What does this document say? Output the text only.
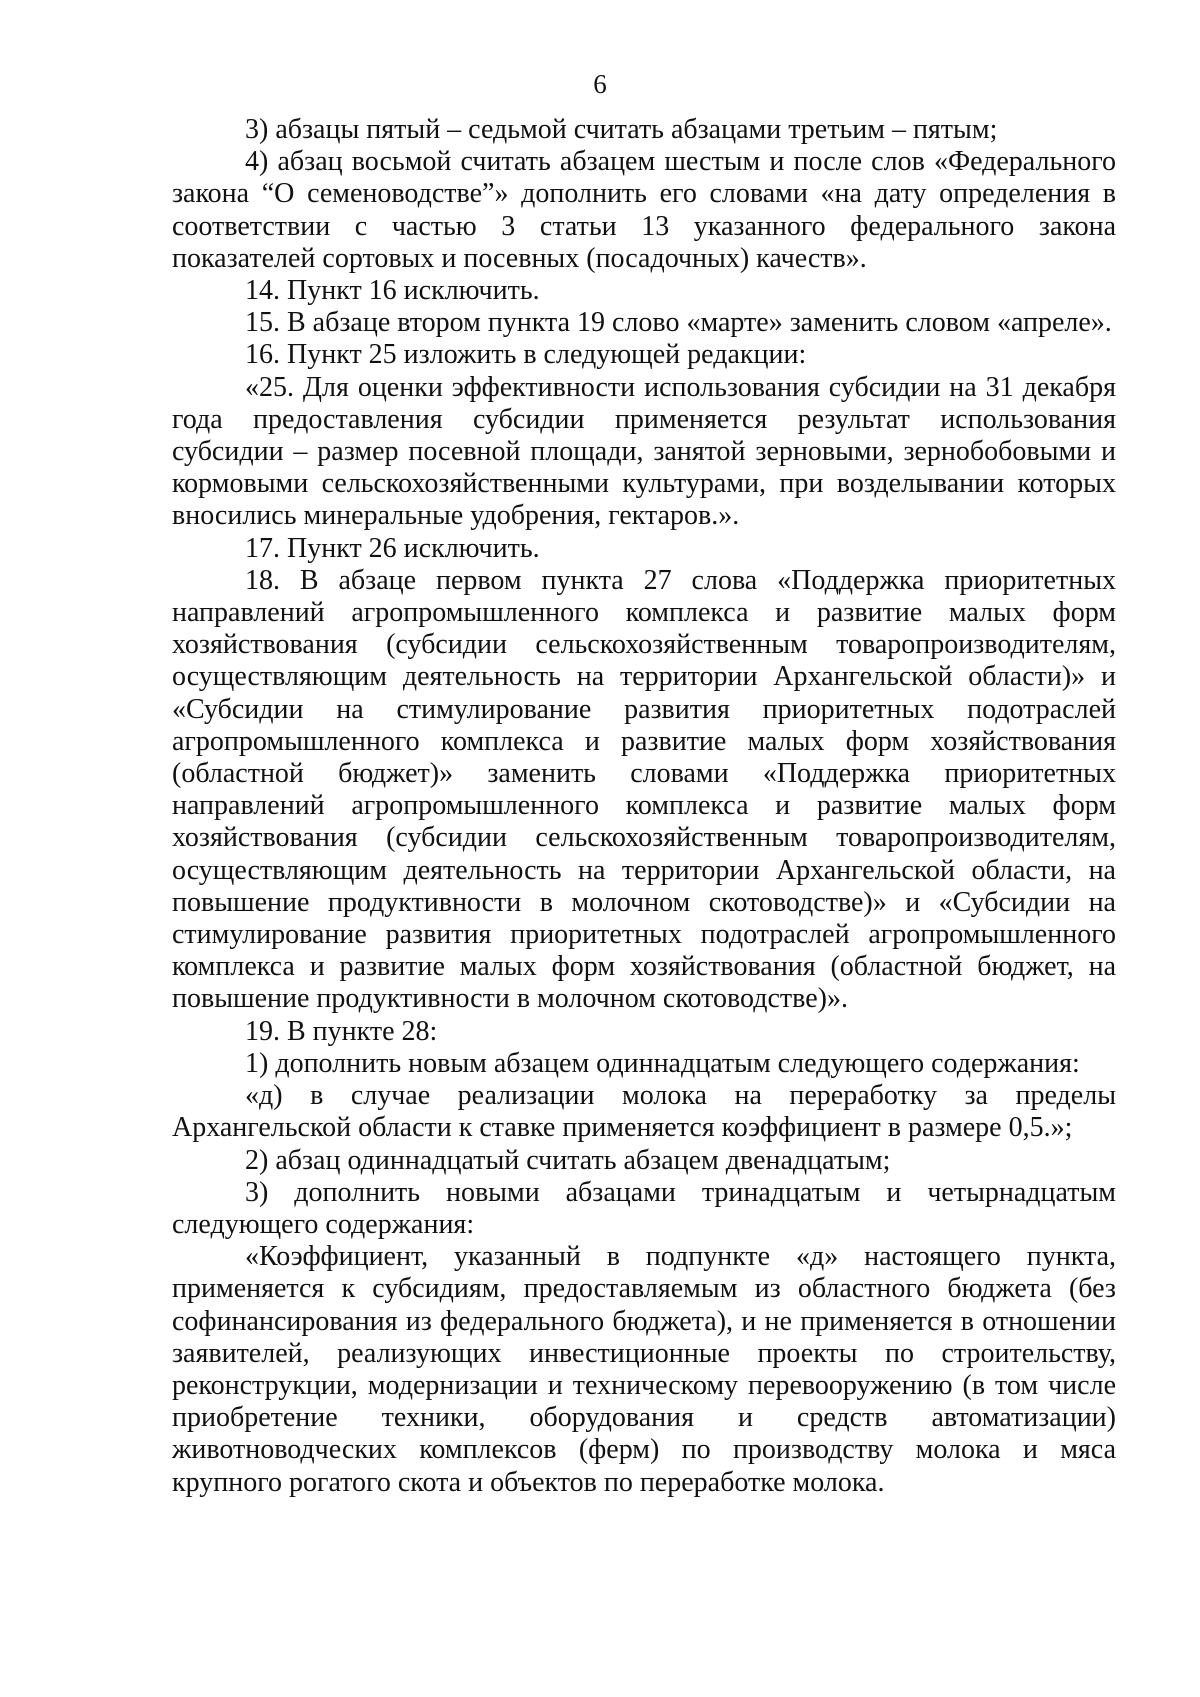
6

3) абзацы пятый – седьмой считать абзацами третьим – пятым;

4) абзац восьмой считать абзацем шестым и после слов «Федерального закона “О семеноводстве”» дополнить его словами «на дату определения в соответствии с частью 3 статьи 13 указанного федерального закона показателей сортовых и посевных (посадочных) качеств».

14. Пункт 16 исключить.

15. В абзаце втором пункта 19 слово «марте» заменить словом «апреле».

16. Пункт 25 изложить в следующей редакции:

«25. Для оценки эффективности использования субсидии на 31 декабря года предоставления субсидии применяется результат использования субсидии – размер посевной площади, занятой зерновыми, зернобобовыми и кормовыми сельскохозяйственными культурами, при возделывании которых вносились минеральные удобрения, гектаров.».

17. Пункт 26 исключить.

18. В абзаце первом пункта 27 слова «Поддержка приоритетных направлений агропромышленного комплекса и развитие малых форм хозяйствования (субсидии сельскохозяйственным товаропроизводителям, осуществляющим деятельность на территории Архангельской области)» и «Субсидии на стимулирование развития приоритетных подотраслей агропромышленного комплекса и развитие малых форм хозяйствования (областной бюджет)» заменить словами «Поддержка приоритетных направлений агропромышленного комплекса и развитие малых форм хозяйствования (субсидии сельскохозяйственным товаропроизводителям, осуществляющим деятельность на территории Архангельской области, на повышение продуктивности в молочном скотоводстве)» и «Субсидии на стимулирование развития приоритетных подотраслей агропромышленного комплекса и развитие малых форм хозяйствования (областной бюджет, на повышение продуктивности в молочном скотоводстве)».

19. В пункте 28:

1) дополнить новым абзацем одиннадцатым следующего содержания:

«д) в случае реализации молока на переработку за пределы Архангельской области к ставке применяется коэффициент в размере 0,5.»;

2) абзац одиннадцатый считать абзацем двенадцатым;

3) дополнить новыми абзацами тринадцатым и четырнадцатым следующего содержания:

«Коэффициент, указанный в подпункте «д» настоящего пункта, применяется к субсидиям, предоставляемым из областного бюджета (без софинансирования из федерального бюджета), и не применяется в отношении заявителей, реализующих инвестиционные проекты по строительству, реконструкции, модернизации и техническому перевооружению (в том числе приобретение техники, оборудования и средств автоматизации) животноводческих комплексов (ферм) по производству молока и мяса крупного рогатого скота и объектов по переработке молока.
